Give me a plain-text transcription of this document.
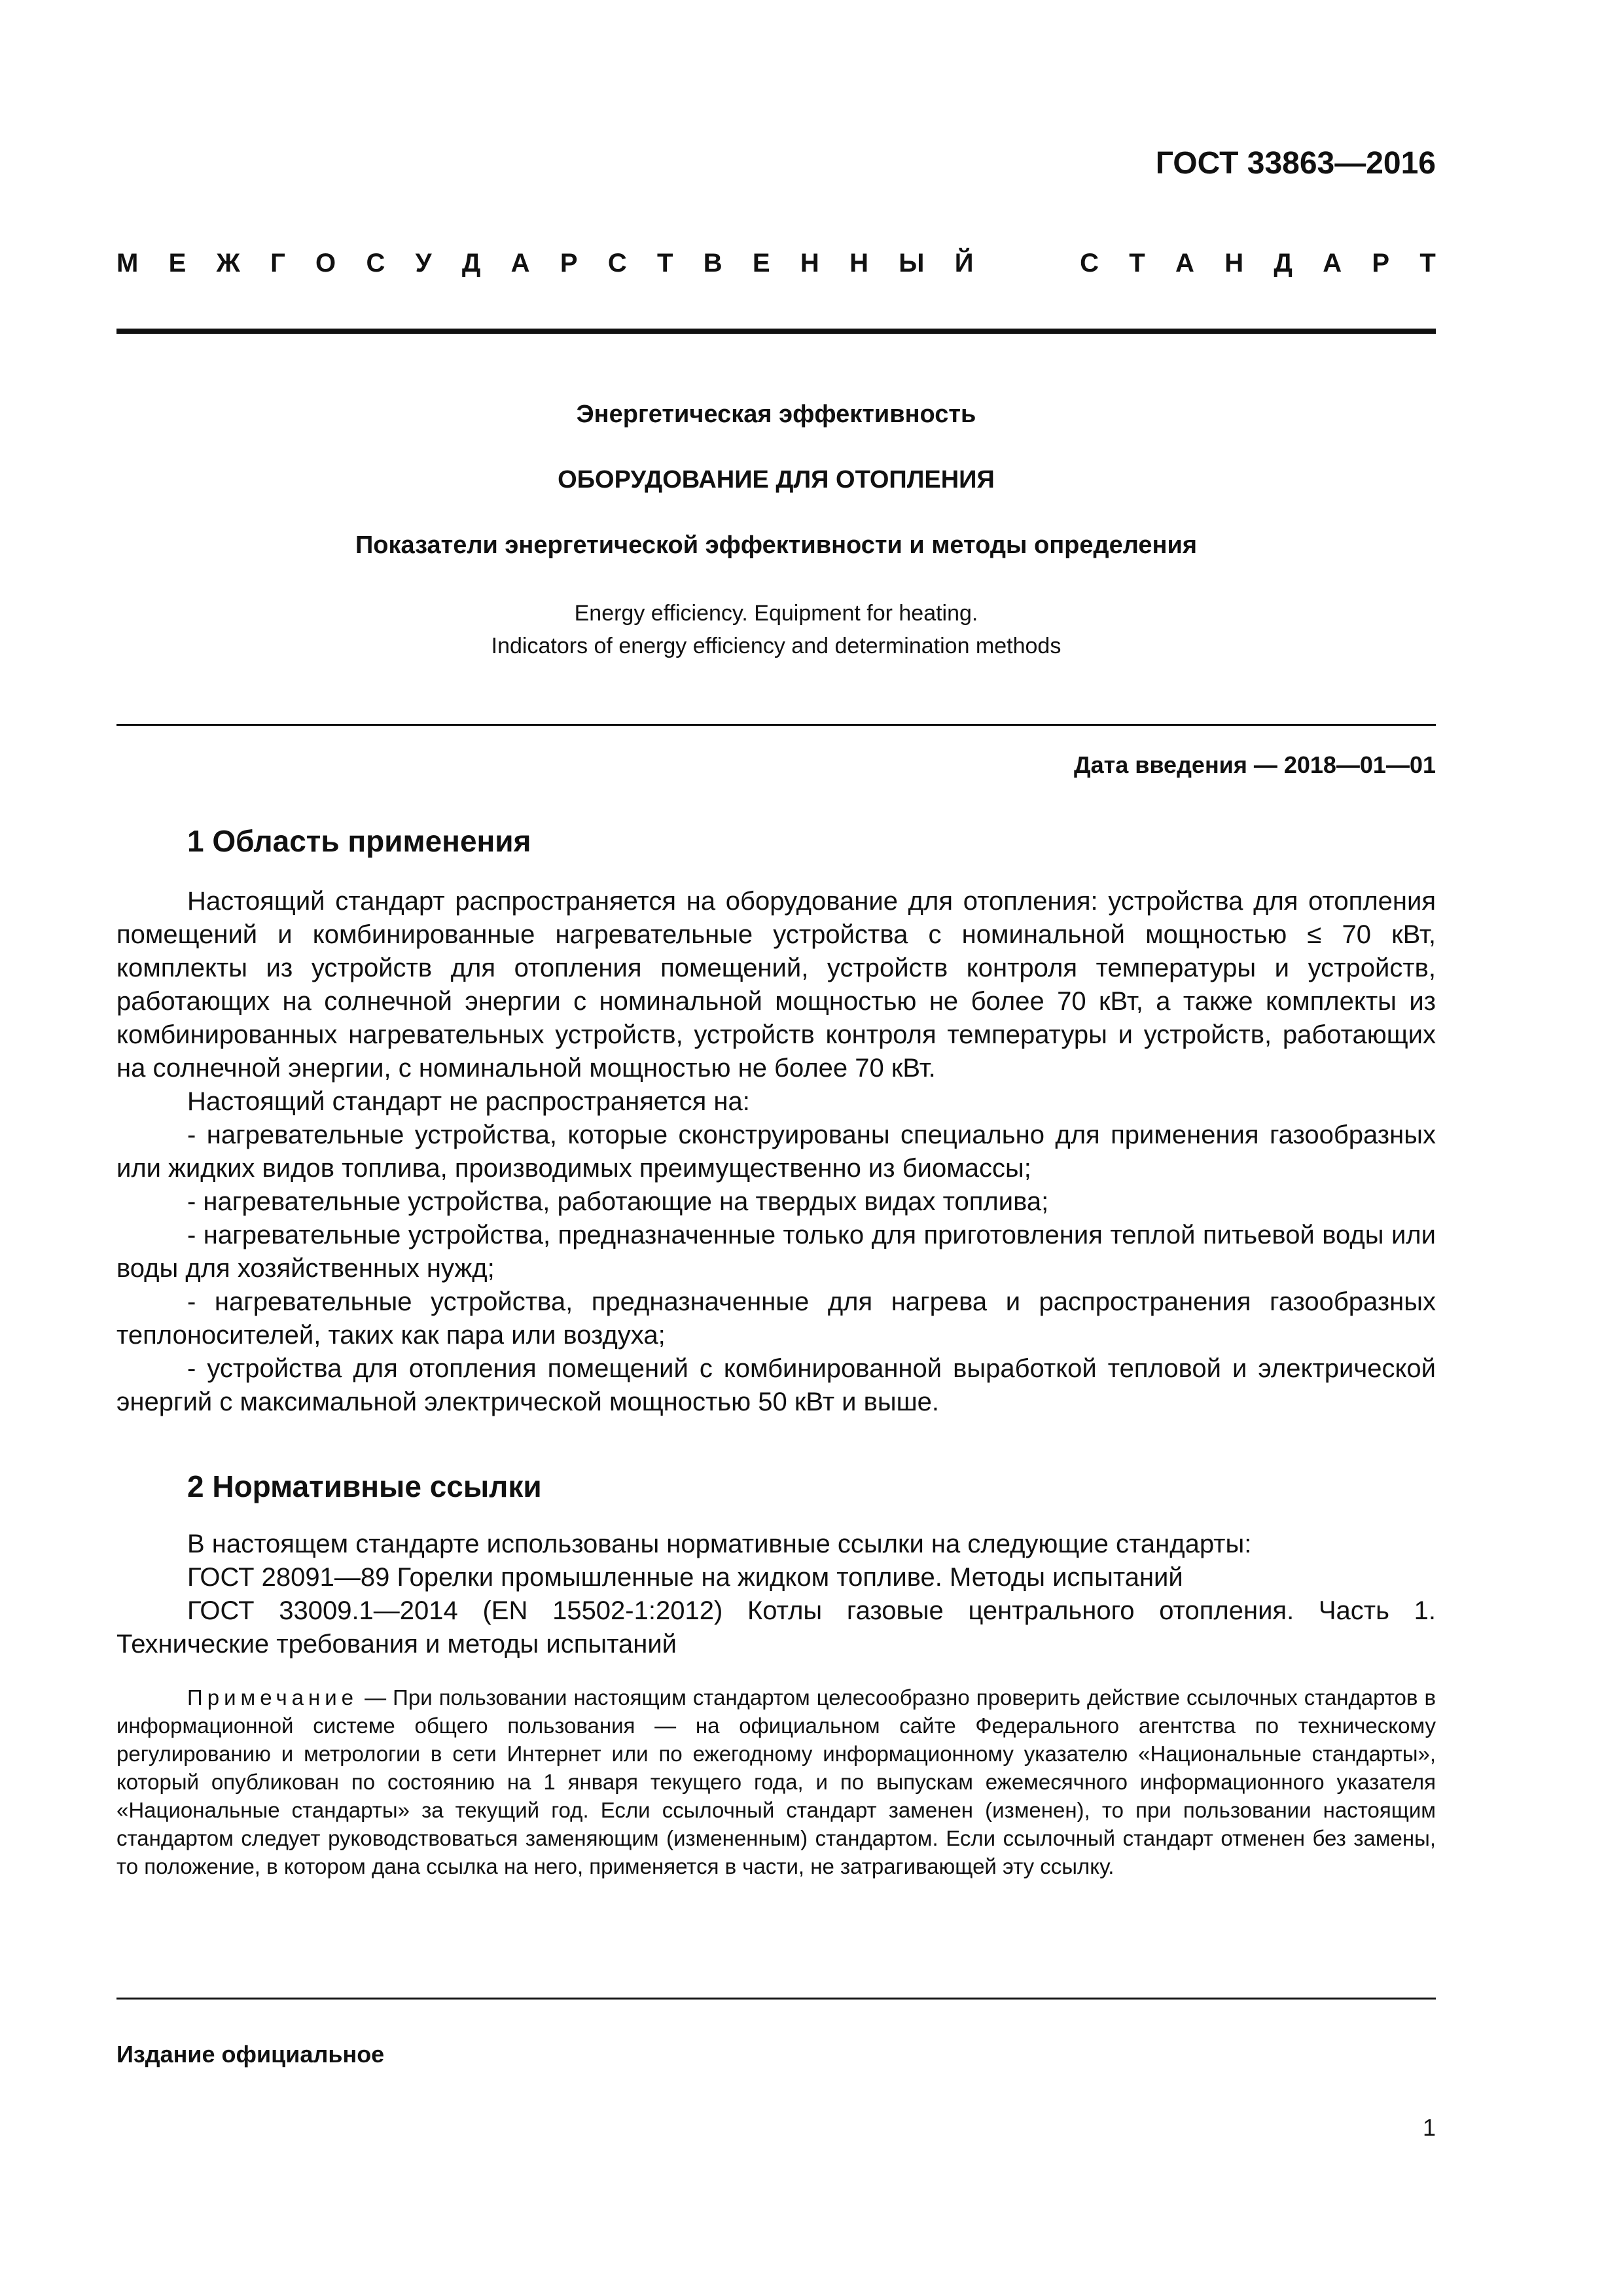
ГОСТ 33863—2016
М Е Ж Г О С У Д А Р С Т В Е Н Н Ы Й	С Т А Н Д А Р Т
Энергетическая эффективность
ОБОРУДОВАНИЕ ДЛЯ ОТОПЛЕНИЯ
Показатели энергетической эффективности и методы определения
Energy efficiency. Equipment for heating.
Indicators of energy efficiency and determination methods
Дата введения — 2018—01—01
1 Область применения

Настоящий стандарт распространяется на оборудование для отопления: устройства для отопления помещений и комбинированные нагревательные устройства с номинальной мощностью ≤ 70 кВт, комплекты из устройств для отопления помещений, устройств контроля температуры и устройств, работающих на солнечной энергии с номинальной мощностью не более 70 кВт, а также комплекты из комбинированных нагревательных устройств, устройств контроля температуры и устройств, работающих на солнечной энергии, с номинальной мощностью не более 70 кВт.

Настоящий стандарт не распространяется на:

- нагревательные устройства, которые сконструированы специально для применения газообразных или жидких видов топлива, производимых преимущественно из биомассы;

- нагревательные устройства, работающие на твердых видах топлива;

- нагревательные устройства, предназначенные только для приготовления теплой питьевой воды или воды для хозяйственных нужд;

- нагревательные устройства, предназначенные для нагрева и распространения газообразных теплоносителей, таких как пара или воздуха;

- устройства для отопления помещений с комбинированной выработкой тепловой и электрической энергий с максимальной электрической мощностью 50 кВт и выше.

2 Нормативные ссылки

В настоящем стандарте использованы нормативные ссылки на следующие стандарты:

ГОСТ 28091—89 Горелки промышленные на жидком топливе. Методы испытаний

ГОСТ 33009.1—2014 (EN 15502-1:2012) Котлы газовые центрального отопления. Часть 1. Технические требования и методы испытаний

Примечание — При пользовании настоящим стандартом целесообразно проверить действие ссылочных стандартов в информационной системе общего пользования — на официальном сайте Федерального агентства по техническому регулированию и метрологии в сети Интернет или по ежегодному информационному указателю «Национальные стандарты», который опубликован по состоянию на 1 января текущего года, и по выпускам ежемесячного информационного указателя «Национальные стандарты» за текущий год. Если ссылочный стандарт заменен (изменен), то при пользовании настоящим стандартом следует руководствоваться заменяющим (измененным) стандартом. Если ссылочный стандарт отменен без замены, то положение, в котором дана ссылка на него, применяется в части, не затрагивающей эту ссылку.

Издание официальное
1
